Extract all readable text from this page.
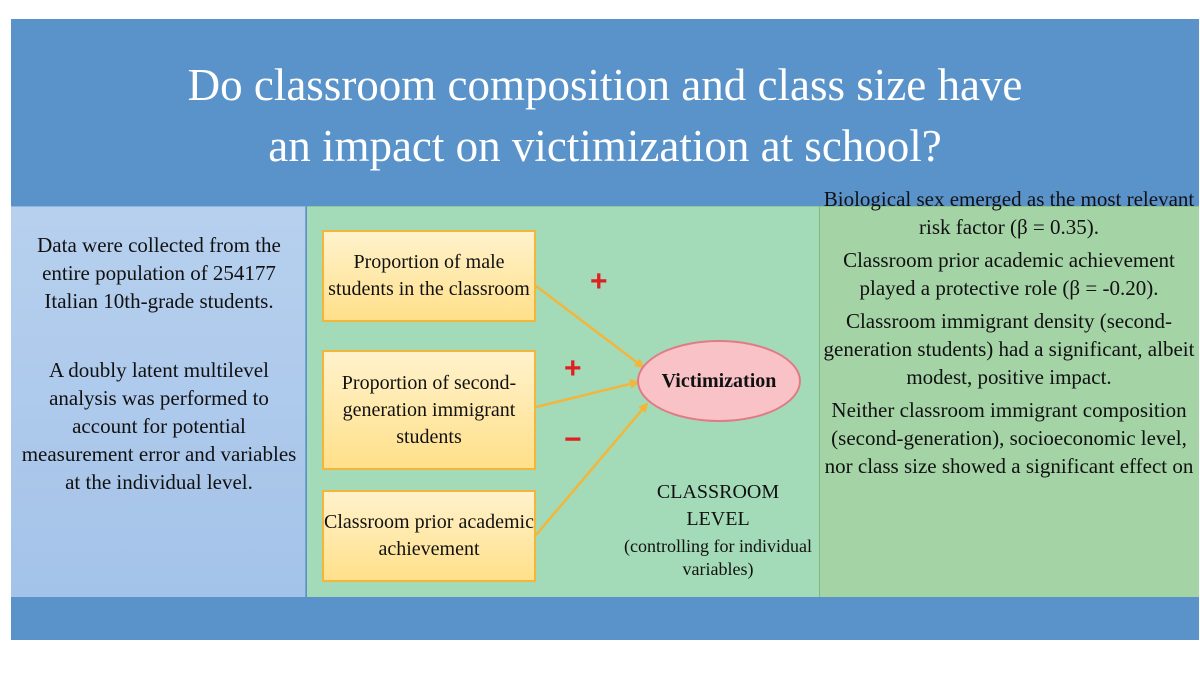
Do classroom composition and class size have
an impact on victimization at school?

Data were collected from the entire population of 254177 Italian 10th-grade students.

A doubly latent multilevel analysis was performed to account for potential measurement error and variables at the individual level.

Proportion of male students in the classroom
Proportion of second-generation immigrant students
Classroom prior academic achievement
Victimization
+
+
−
CLASSROOM LEVEL
(controlling for individual variables)

Biological sex emerged as the most relevant risk factor (β = 0.35).

Classroom prior academic achievement played a protective role (β = -0.20).

Classroom immigrant density (second-generation students) had a significant, albeit modest, positive impact.

Neither classroom immigrant composition (second-generation), socioeconomic level, nor class size showed a significant effect on
